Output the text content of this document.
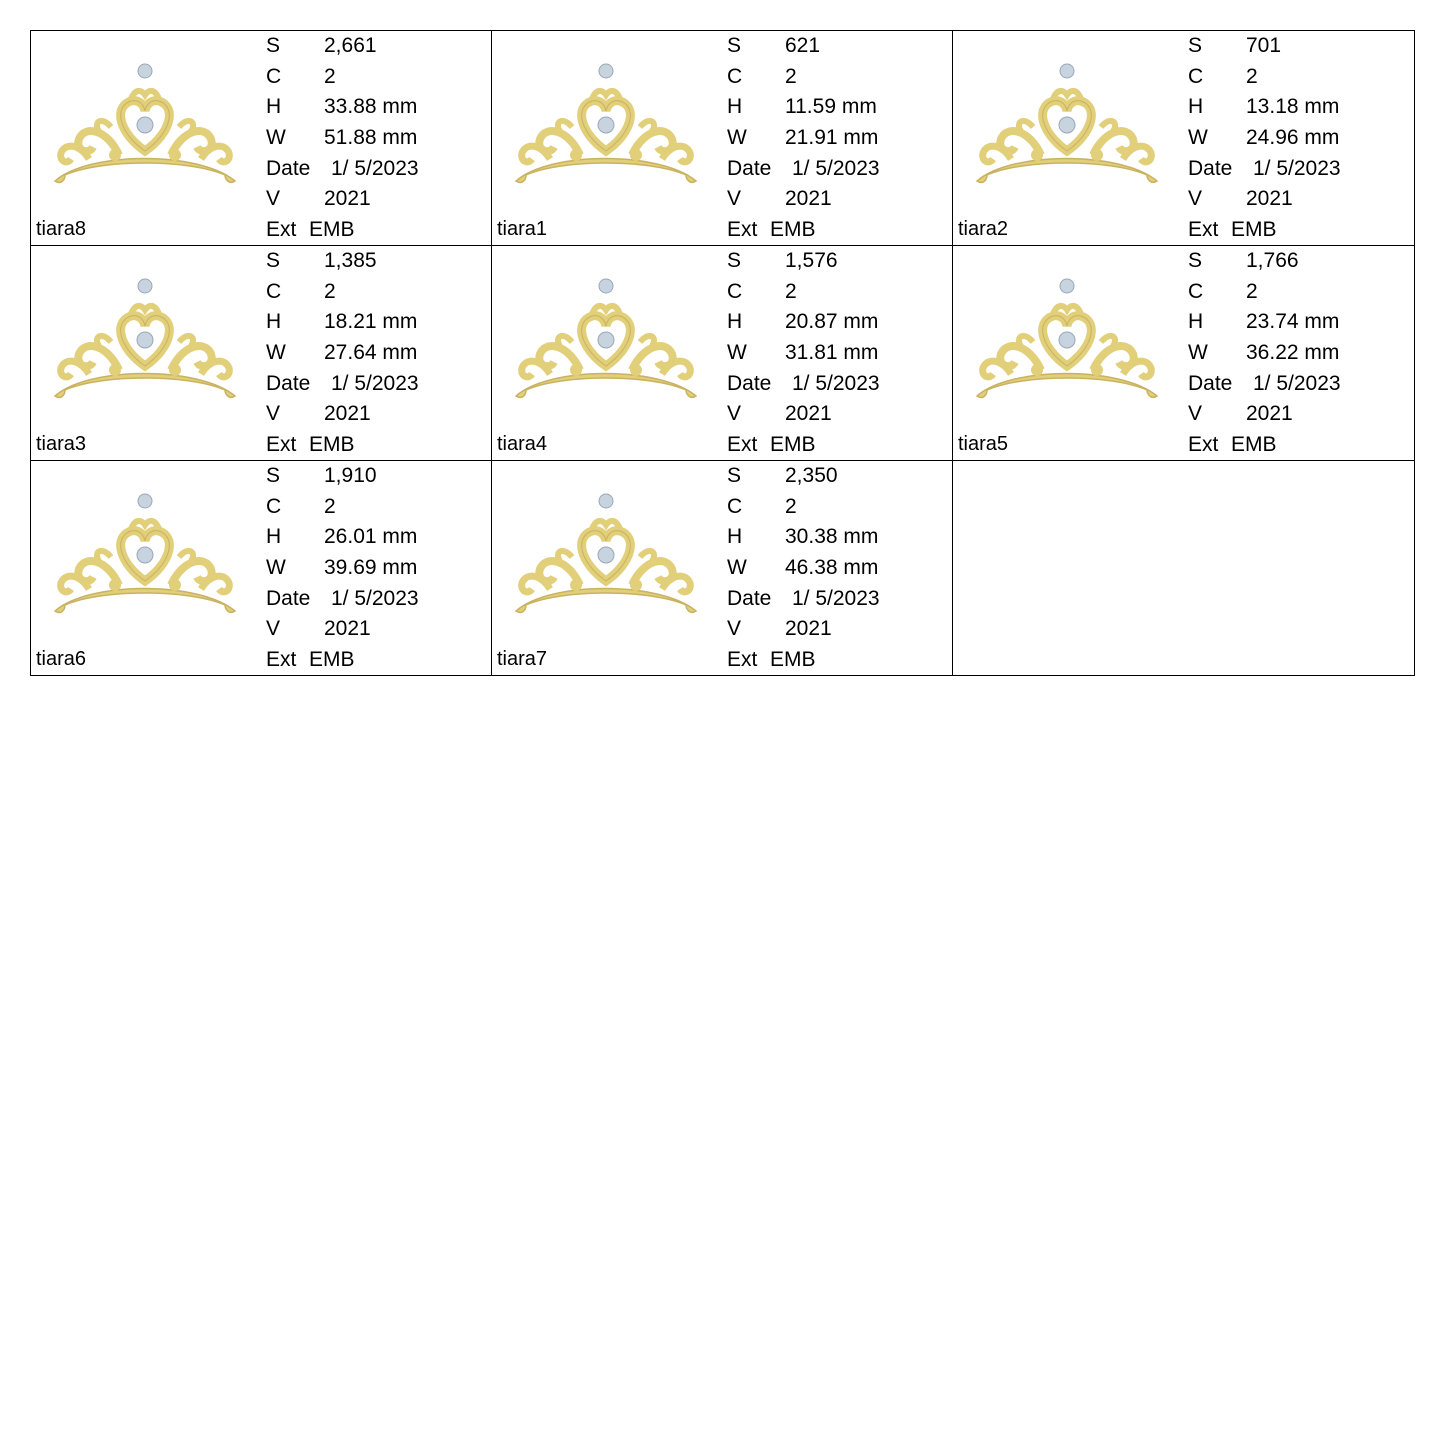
tiara8
S 2,661
C 2
H 33.88 mm
W 51.88 mm
Date 1/ 5/2023
V 2021
Ext EMB	tiara1
S 621
C 2
H 11.59 mm
W 21.91 mm
Date 1/ 5/2023
V 2021
Ext EMB	tiara2
S 701
C 2
H 13.18 mm
W 24.96 mm
Date 1/ 5/2023
V 2021
Ext EMB
tiara3
S 1,385
C 2
H 18.21 mm
W 27.64 mm
Date 1/ 5/2023
V 2021
Ext EMB	tiara4
S 1,576
C 2
H 20.87 mm
W 31.81 mm
Date 1/ 5/2023
V 2021
Ext EMB	tiara5
S 1,766
C 2
H 23.74 mm
W 36.22 mm
Date 1/ 5/2023
V 2021
Ext EMB
tiara6
S 1,910
C 2
H 26.01 mm
W 39.69 mm
Date 1/ 5/2023
V 2021
Ext EMB	tiara7
S 2,350
C 2
H 30.38 mm
W 46.38 mm
Date 1/ 5/2023
V 2021
Ext EMB
